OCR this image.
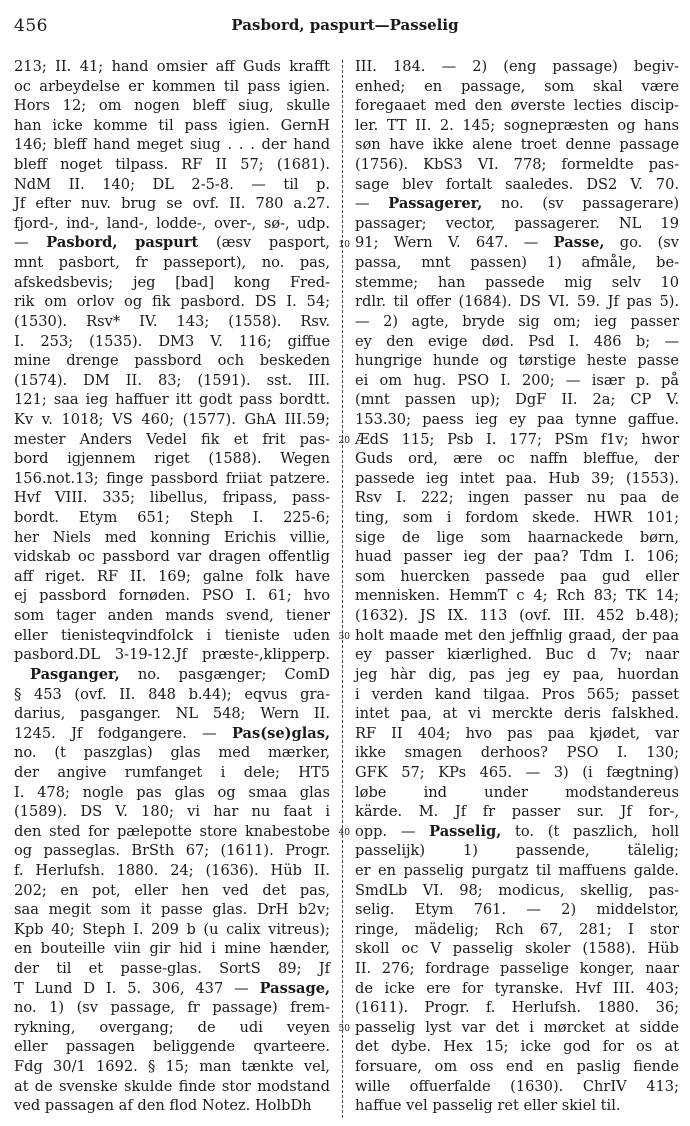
456	Pasbord, paspurt—Passelig
213; II. 41; hand omsier aff Guds krafft
oc arbeydelse er kommen til pass igien.
Hors 12; om nogen bleff siug, skulle
han icke komme til pass igien. GernH
146; bleff hand meget siug . . . der hand
bleff noget tilpass. RF II 57; (1681).
NdM II. 140; DL 2-5-8. — til p.
Jf efter nuv. brug se ovf. II. 780 a.27.
fjord-, ind-, land-, lodde-, over-, sø-, udp.
— Pasbord, paspurt (æsv pasport,
mnt pasbort, fr passeport), no. pas,
afskedsbevis; jeg [bad] kong Fred-
rik om orlov og fik pasbord. DS I. 54;
(1530). Rsv* IV. 143; (1558). Rsv.
I. 253; (1535). DM3 V. 116; giffue
mine drenge passbord och beskeden
(1574). DM II. 83; (1591). sst. III.
121; saa ieg haffuer itt godt pass bordtt.
Kv v. 1018; VS 460; (1577). GhA III.59;
mester Anders Vedel fik et frit pas-
bord igjennem riget (1588). Wegen
156.not.13; finge passbord friiat patzere.
Hvf VIII. 335; libellus, fripass, pass-
bordt. Etym 651; Steph I. 225-6;
her Niels med konning Erichis villie,
vidskab oc passbord var dragen offentlig
aff riget. RF II. 169; galne folk have
ej passbord fornøden. PSO I. 61; hvo
som tager anden mands svend, tiener
eller tienisteqvindfolck i tieniste uden
pasbord.DL 3-19-12.Jf præste-,klipperp.
Pasganger, no. pasgænger; ComD
§ 453 (ovf. II. 848 b.44); eqvus gra-
darius, pasganger. NL 548; Wern II.
1245. Jf fodgangere. — Pas(se)glas,
no. (t paszglas) glas med mærker,
der angive rumfanget i dele; HT5
I. 478; nogle pas glas og smaa glas
(1589). DS V. 180; vi har nu faat i
den sted for pælepotte store knabestobe
og passeglas. BrSth 67; (1611). Progr.
f. Herlufsh. 1880. 24; (1636). Hüb II.
202; en pot, eller hen ved det pas,
saa megit som it passe glas. DrH b2v;
Kpb 40; Steph I. 209 b (u calix vitreus);
en bouteille viin gir hid i mine hænder,
der til et passe-glas. SortS 89; Jf
T Lund D I. 5. 306, 437 — Passage,
no. 1) (sv passage, fr passage) frem-
rykning, overgang; de udi veyen
eller passagen beliggende qvarteere.
Fdg 30/1 1692. § 15; man tænkte vel,
at de svenske skulde finde stor modstand
ved passagen af den flod Notez. HolbDh
10
20
30
40
50
III. 184. — 2) (eng passage) begiv-
enhed; en passage, som skal være
foregaaet med den øverste lecties discip-
ler. TT II. 2. 145; sognepræsten og hans
søn have ikke alene troet denne passage
(1756). KbS3 VI. 778; formeldte pas-
sage blev fortalt saaledes. DS2 V. 70.
— Passagerer, no. (sv passagerare)
passager; vector, passagerer. NL 19
91; Wern V. 647. — Passe, go. (sv
passa, mnt passen) 1) afmåle, be-
stemme; han passede mig selv 10
rdlr. til offer (1684). DS VI. 59. Jf pas 5).
— 2) agte, bryde sig om; ieg passer
ey den evige død. Psd I. 486 b; —
hungrige hunde og tørstige heste passe
ei om hug. PSO I. 200; — især p. på
(mnt passen up); DgF II. 2a; CP V.
153.30; paess ieg ey paa tynne gaffue.
ÆdS 115; Psb I. 177; PSm f1v; hwor
Guds ord, ære oc naffn bleffue, der
passede ieg intet paa. Hub 39; (1553).
Rsv I. 222; ingen passer nu paa de
ting, som i fordom skede. HWR 101;
sige de lige som haarnackede børn,
huad passer ieg der paa? Tdm I. 106;
som huercken passede paa gud eller
mennisken. HemmT c 4; Rch 83; TK 14;
(1632). JS IX. 113 (ovf. III. 452 b.48);
holt maade met den jeffnlig graad, der paa
ey passer kiærlighed. Buc d 7v; naar
jeg hàr dig, pas jeg ey paa, huordan
i verden kand tilgaa. Pros 565; passet
intet paa, at vi merckte deris falskhed.
RF II 404; hvo pas paa kjødet, var
ikke smagen derhoos? PSO I. 130;
GFK 57; KPs 465. — 3) (i fægtning)
løbe	ind	under	modstandereus
kärde. M. Jf fr passer sur. Jf for-,
opp. — Passelig, to. (t paszlich, holl
passelijk)	1)	passende,	tälelig;
er en passelig purgatz til maffuens galde.
SmdLb VI. 98; modicus, skellig, pas-
selig. Etym 761. — 2) middelstor,
ringe, mädelig; Rch 67, 281; I stor
skoll oc V passelig skoler (1588). Hüb
II. 276; fordrage passelige konger, naar
de icke ere for tyranske. Hvf III. 403;
(1611). Progr. f. Herlufsh. 1880. 36;
passelig lyst var det i mørcket at sidde
det dybe. Hex 15; icke god for os at
forsuare, om oss end en paslig fiende
wille offuerfalde (1630). ChrIV 413;
haffue vel passelig ret eller skiel til.
